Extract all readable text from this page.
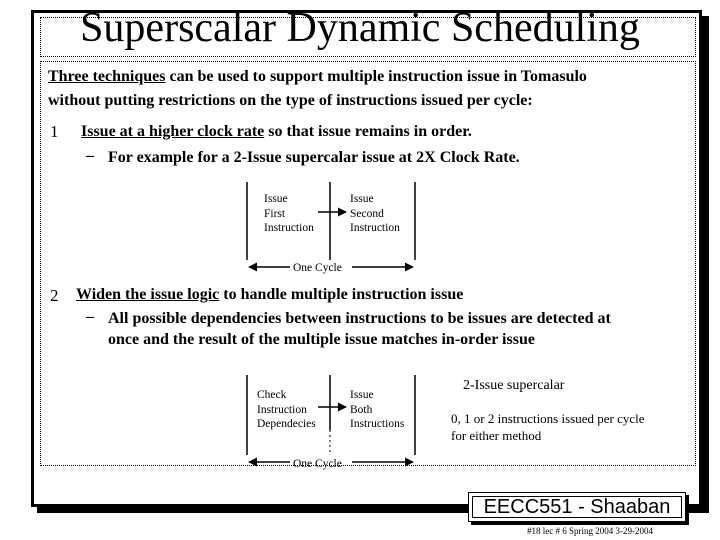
Superscalar Dynamic Scheduling
Three techniques can be used to support multiple instruction issue in Tomasulo
without putting restrictions on the type of instructions issued per cycle:
1 Issue at a higher clock rate so that issue remains in order.
– For example for a 2-Issue supercalar issue at 2X Clock Rate.
Issue
First
Instruction
Issue
Second
Instruction
One Cycle
2 Widen the issue logic to handle multiple instruction issue
– All possible dependencies between instructions to be issues are detected at
once and the result of the multiple issue matches in-order issue
Check
Instruction
Dependecies
Issue
Both
Instructions
One Cycle
2-Issue supercalar
0, 1 or 2 instructions issued per cycle
for either method
EECC551 - Shaaban
#18 lec # 6 Spring 2004 3-29-2004
